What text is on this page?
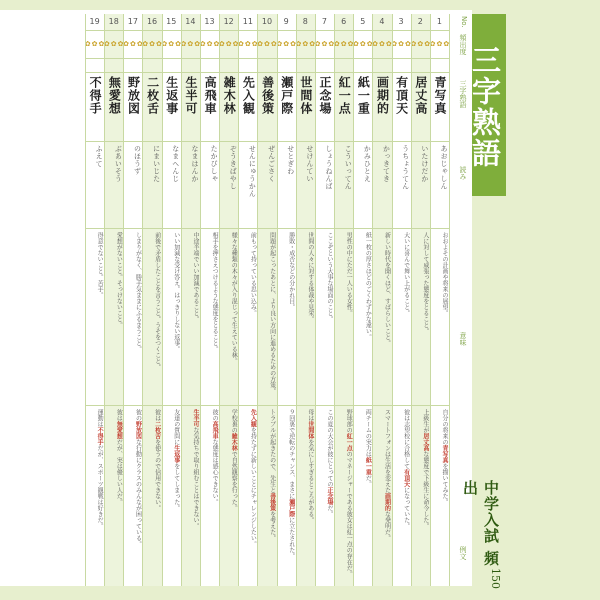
1
✿ ✿ ✿
青写真
あおじゃしん
おおよその計画や将来の展望。
自分の将来の青写真を描いてみた。
2
✿ ✿ ✿
居丈高
いたけだか
人に対して威張った態度をとること。
上級生が居丈高な態度で下級生に命令した。
3
✿ ✿ ✿
有頂天
うちょうてん
大いに喜んで舞い上がること。
彼は志望校に合格して有頂天になっていた。
4
✿ ✿ ✿
画期的
かっきてき
新しい時代を開くほど、すばらしいこと。
スマートフォンは生活を変えた画期的な発明だ。
5
✿ ✿ ✿
紙一重
かみひとえ
紙一枚の厚さほどのごくわずかな違い。
両チームの実力は紙一重だ。
6
✿ ✿ ✿
紅一点
こういってん
男性の中にただ一人いる女性。
野球部の紅一点のマネージャーである彼女は紅一点の存在だ。
7
✿ ✿ ✿
正念場
しょうねんば
ここぞという大事な場面のこと。
この夏の大会が彼にとっての正念場だ。
8
✿ ✿ ✿
世間体
せけんてい
世間の人々に対する体裁や見栄。
母は世間体を気にしすぎるところがある。
9
✿ ✿ ✿
瀬戸際
せとぎわ
勝敗・成否などの分かれ目。
９回裏で逆転のチャンス、まさに瀬戸際に立たされた。
10
✿ ✿ ✿
善後策
ぜんごさく
問題が起こったあとに、より良い方向に進めるための方策。
トラブルが起きたので、先生と善後策を考えた。
11
✿ ✿ ✿
先入観
せんにゅうかん
前もって持っている思い込み。
先入観を持たずに新しいことにチャレンジしたい。
12
✿ ✿ ✿
雑木林
ぞうきばやし
様々な種類の木々が入り混じって生えている林。
学校裏の雑木林で自然観察を行った。
13
✿ ✿ ✿
高飛車
たかびしゃ
相手を押さえつけるような態度をとること。
彼の高飛車な態度は感心できない。
14
✿ ✿ ✿
生半可
なまはんか
中途半端でいい加減であること。
生半可な気持ちで取り組むことはできない。
15
✿ ✿ ✿
生返事
なまへんじ
いい加減な受け答え。はっきりしない返事。
友達の質問に生返事をしてしまった。
16
✿ ✿ ✿
二枚舌
にまいじた
前後で矛盾したことを言うこと。うそをつくこと。
彼は二枚舌を使うので信用できない。
17
✿ ✿ ✿
野放図
のほうず
しまりがなく、勝手気ままにふるまうこと。
彼の野放図な行動にクラスのみんなが困っている。
18
✿ ✿ ✿
無愛想
ぶあいそう
愛想がないこと。そっけないこと。
彼は無愛想だが、実は優しい人だ。
19
✿ ✿ ✿
不得手
ふえて
得意でないこと。苦手。
運動は不得手だが、スポーツ観戦は好きだ。
No.
頻出度
三字熟語
読み
意味
例文
三字熟語
中学入試 頻出
150
